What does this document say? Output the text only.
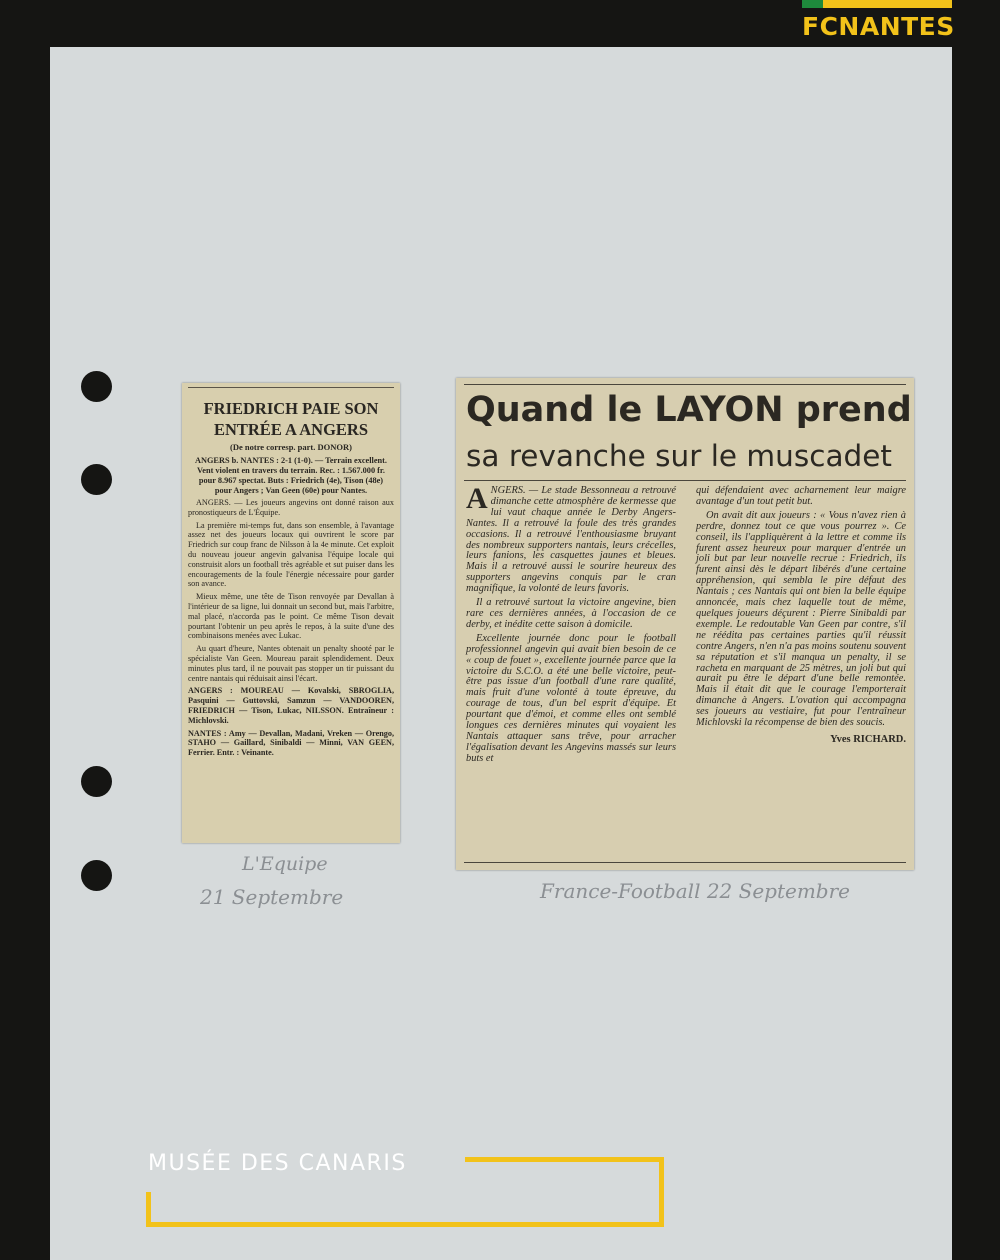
FCNANTES
FRIEDRICH PAIE SON
ENTRÉE A ANGERS
(De notre corresp. part. DONOR)
ANGERS b. NANTES : 2-1 (1-0). — Terrain excellent. Vent violent en travers du terrain. Rec. : 1.567.000 fr. pour 8.967 spectat. Buts : Friedrich (4e), Tison (48e) pour Angers ; Van Geen (60e) pour Nantes.

ANGERS. — Les joueurs angevins ont donné raison aux pronostiqueurs de L'Équipe.

La première mi-temps fut, dans son ensemble, à l'avantage assez net des joueurs locaux qui ouvrirent le score par Friedrich sur coup franc de Nilsson à la 4e minute. Cet exploit du nouveau joueur angevin galvanisa l'équipe locale qui construisit alors un football très agréable et sut puiser dans les encouragements de la foule l'énergie nécessaire pour garder son avance.

Mieux même, une tête de Tison renvoyée par Devallan à l'intérieur de sa ligne, lui donnait un second but, mais l'arbitre, mal placé, n'accorda pas le point. Ce même Tison devait pourtant l'obtenir un peu après le repos, à la suite d'une des combinaisons menées avec Lukac.

Au quart d'heure, Nantes obtenait un penalty shooté par le spécialiste Van Geen. Moureau parait splendidement. Deux minutes plus tard, il ne pouvait pas stopper un tir puissant du centre nantais qui réduisait ainsi l'écart.

ANGERS : MOUREAU — Kovalski, SBROGLIA, Pasquini — Guttovski, Samzun — VANDOOREN, FRIEDRICH — Tison, Lukac, NILSSON. Entraîneur : Michlovski.

NANTES : Amy — Devallan, Madani, Vreken — Orengo, STAHO — Gaillard, Sinibaldi — Minni, VAN GEEN, Ferrier. Entr. : Veinante.

Quand le LAYON prend
sa revanche sur le muscadet

ANGERS. — Le stade Bessonneau a retrouvé dimanche cette atmosphère de kermesse que lui vaut chaque année le Derby Angers-Nantes. Il a retrouvé la foule des très grandes occasions. Il a retrouvé l'enthousiasme bruyant des nombreux supporters nantais, leurs crécelles, leurs fanions, les casquettes jaunes et bleues. Mais il a retrouvé aussi le sourire heureux des supporters angevins conquis par le cran magnifique, la volonté de leurs favoris.

Il a retrouvé surtout la victoire angevine, bien rare ces dernières années, à l'occasion de ce derby, et inédite cette saison à domicile.

Excellente journée donc pour le football professionnel angevin qui avait bien besoin de ce « coup de fouet », excellente journée parce que la victoire du S.C.O. a été une belle victoire, peut-être pas issue d'un football d'une rare qualité, mais fruit d'une volonté à toute épreuve, du courage de tous, d'un bel esprit d'équipe. Et pourtant que d'émoi, et comme elles ont semblé longues ces dernières minutes qui voyaient les Nantais attaquer sans trêve, pour arracher l'égalisation devant les Angevins massés sur leurs buts et

qui défendaient avec acharnement leur maigre avantage d'un tout petit but.

On avait dit aux joueurs : « Vous n'avez rien à perdre, donnez tout ce que vous pourrez ». Ce conseil, ils l'appliquèrent à la lettre et comme ils furent assez heureux pour marquer d'entrée un joli but par leur nouvelle recrue : Friedrich, ils furent ainsi dès le départ libérés d'une certaine appréhension, qui sembla le pire défaut des Nantais ; ces Nantais qui ont bien la belle équipe annoncée, mais chez laquelle tout de même, quelques joueurs déçurent : Pierre Sinibaldi par exemple. Le redoutable Van Geen par contre, s'il ne réédita pas certaines parties qu'il réussit contre Angers, n'en n'a pas moins soutenu souvent sa réputation et s'il manqua un penalty, il se racheta en marquant de 25 mètres, un joli but qui aurait pu être le départ d'une belle remontée. Mais il était dit que le courage l'emporterait dimanche à Angers. L'ovation qui accompagna ses joueurs au vestiaire, fut pour l'entraîneur Michlovski la récompense de bien des soucis.

Yves RICHARD.
L'Equipe
21 Septembre	France-Football 22 Septembre
MUSÉE DES CANARIS
